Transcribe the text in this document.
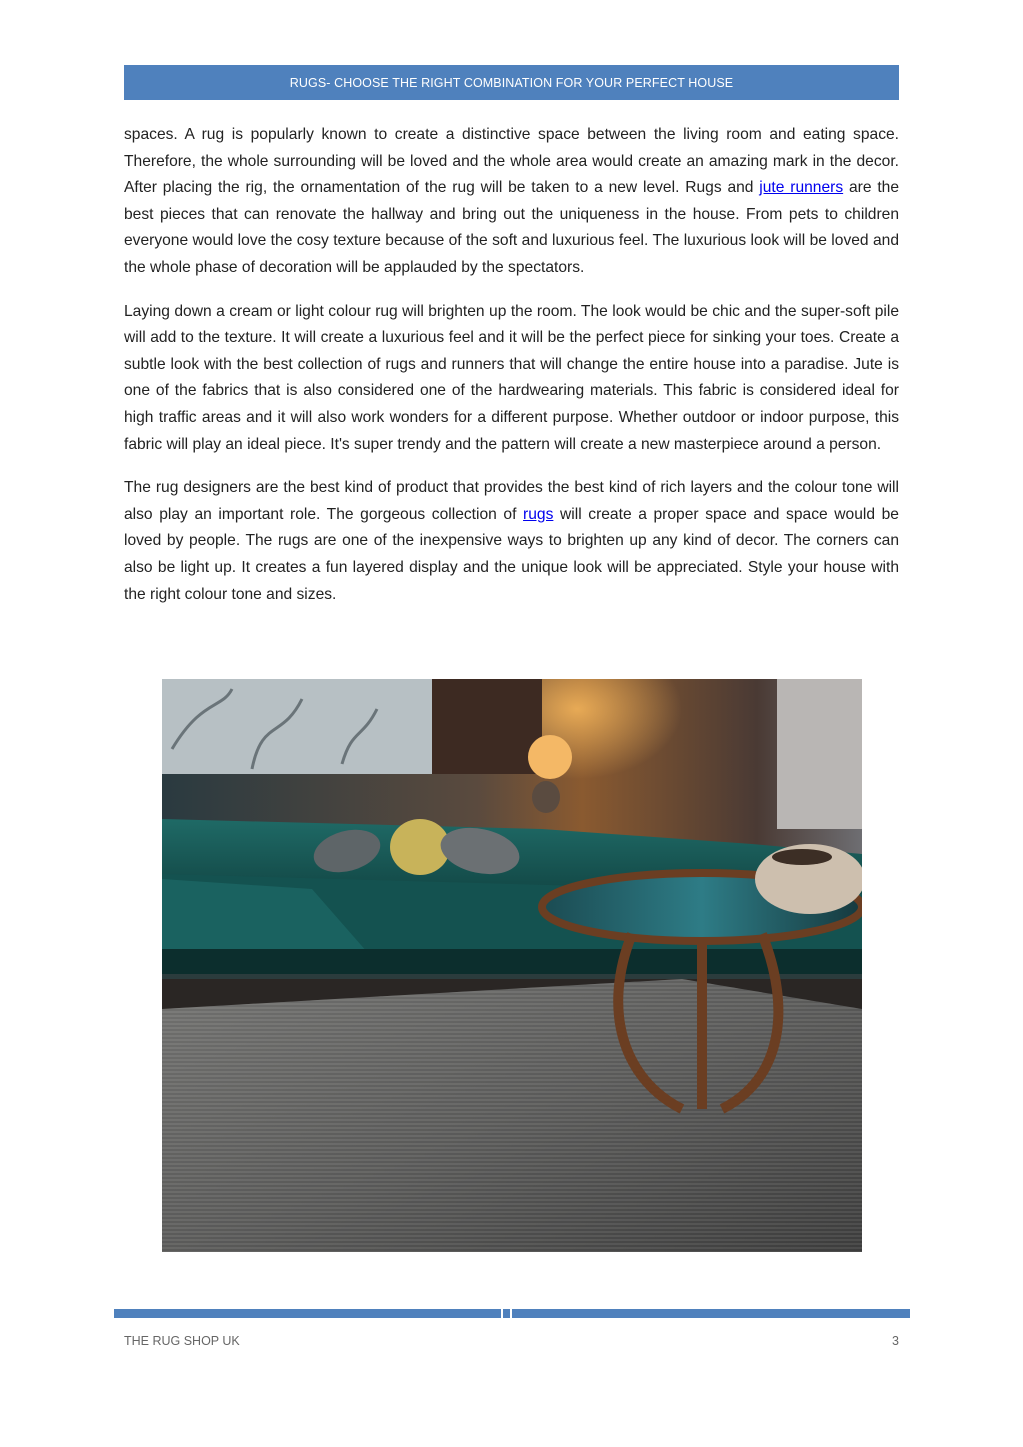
RUGS- CHOOSE THE RIGHT COMBINATION FOR YOUR PERFECT HOUSE

spaces. A rug is popularly known to create a distinctive space between the living room and eating space. Therefore, the whole surrounding will be loved and the whole area would create an amazing mark in the decor. After placing the rig, the ornamentation of the rug will be taken to a new level. Rugs and jute runners are the best pieces that can renovate the hallway and bring out the uniqueness in the house. From pets to children everyone would love the cosy texture because of the soft and luxurious feel. The luxurious look will be loved and the whole phase of decoration will be applauded by the spectators.

Laying down a cream or light colour rug will brighten up the room. The look would be chic and the super-soft pile will add to the texture. It will create a luxurious feel and it will be the perfect piece for sinking your toes. Create a subtle look with the best collection of rugs and runners that will change the entire house into a paradise. Jute is one of the fabrics that is also considered one of the hardwearing materials. This fabric is considered ideal for high traffic areas and it will also work wonders for a different purpose. Whether outdoor or indoor purpose, this fabric will play an ideal piece. It's super trendy and the pattern will create a new masterpiece around a person.

The rug designers are the best kind of product that provides the best kind of rich layers and the colour tone will also play an important role. The gorgeous collection of rugs will create a proper space and space would be loved by people. The rugs are one of the inexpensive ways to brighten up any kind of decor. The corners can also be light up. It creates a fun layered display and the unique look will be appreciated. Style your house with the right colour tone and sizes.

THE RUG SHOP UK	3
